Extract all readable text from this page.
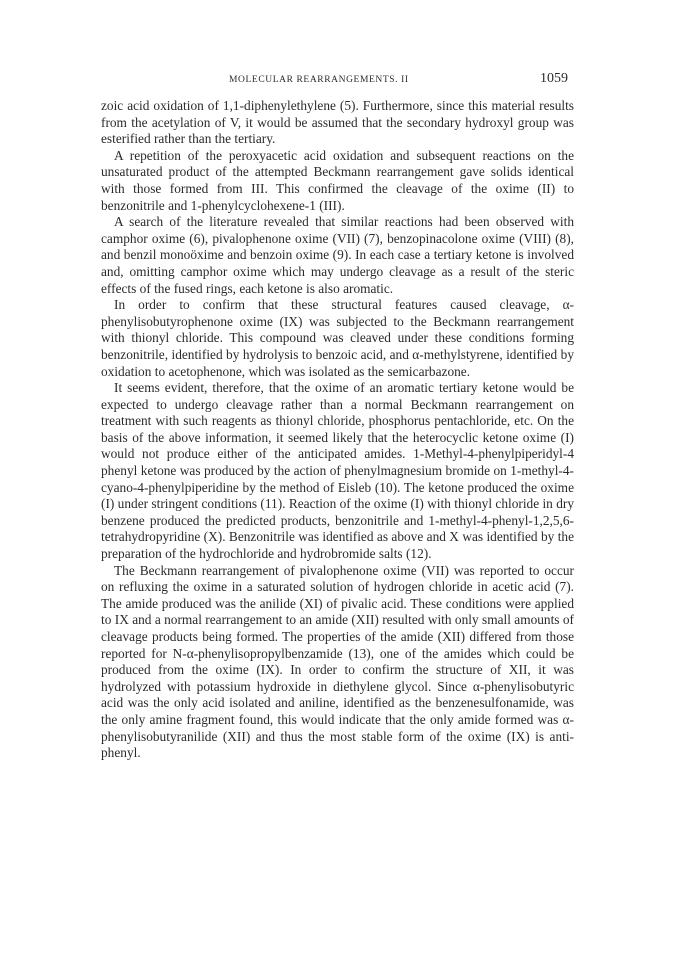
MOLECULAR REARRANGEMENTS. II	1059

zoic acid oxidation of 1,1-diphenylethylene (5). Furthermore, since this material results from the acetylation of V, it would be assumed that the secondary hydroxyl group was esterified rather than the tertiary.

A repetition of the peroxyacetic acid oxidation and subsequent reactions on the unsaturated product of the attempted Beckmann rearrangement gave solids identical with those formed from III. This confirmed the cleavage of the oxime (II) to benzonitrile and 1-phenylcyclohexene-1 (III).

A search of the literature revealed that similar reactions had been observed with camphor oxime (6), pivalophenone oxime (VII) (7), benzopinacolone oxime (VIII) (8), and benzil monoöxime and benzoin oxime (9). In each case a tertiary ketone is involved and, omitting camphor oxime which may undergo cleavage as a result of the steric effects of the fused rings, each ketone is also aromatic.

In order to confirm that these structural features caused cleavage, α-phenylisobutyrophenone oxime (IX) was subjected to the Beckmann rearrangement with thionyl chloride. This compound was cleaved under these conditions forming benzonitrile, identified by hydrolysis to benzoic acid, and α-methylstyrene, identified by oxidation to acetophenone, which was isolated as the semicarbazone.

It seems evident, therefore, that the oxime of an aromatic tertiary ketone would be expected to undergo cleavage rather than a normal Beckmann rearrangement on treatment with such reagents as thionyl chloride, phosphorus pentachloride, etc. On the basis of the above information, it seemed likely that the heterocyclic ketone oxime (I) would not produce either of the anticipated amides. 1-Methyl-4-phenylpiperidyl-4 phenyl ketone was produced by the action of phenylmagnesium bromide on 1-methyl-4-cyano-4-phenylpiperidine by the method of Eisleb (10). The ketone produced the oxime (I) under stringent conditions (11). Reaction of the oxime (I) with thionyl chloride in dry benzene produced the predicted products, benzonitrile and 1-methyl-4-phenyl-1,2,5,6-tetrahydropyridine (X). Benzonitrile was identified as above and X was identified by the preparation of the hydrochloride and hydrobromide salts (12).

The Beckmann rearrangement of pivalophenone oxime (VII) was reported to occur on refluxing the oxime in a saturated solution of hydrogen chloride in acetic acid (7). The amide produced was the anilide (XI) of pivalic acid. These conditions were applied to IX and a normal rearrangement to an amide (XII) resulted with only small amounts of cleavage products being formed. The properties of the amide (XII) differed from those reported for N-α-phenylisopropylbenzamide (13), one of the amides which could be produced from the oxime (IX). In order to confirm the structure of XII, it was hydrolyzed with potassium hydroxide in diethylene glycol. Since α-phenylisobutyric acid was the only acid isolated and aniline, identified as the benzenesulfonamide, was the only amine fragment found, this would indicate that the only amide formed was α-phenylisobutyranilide (XII) and thus the most stable form of the oxime (IX) is anti-phenyl.
